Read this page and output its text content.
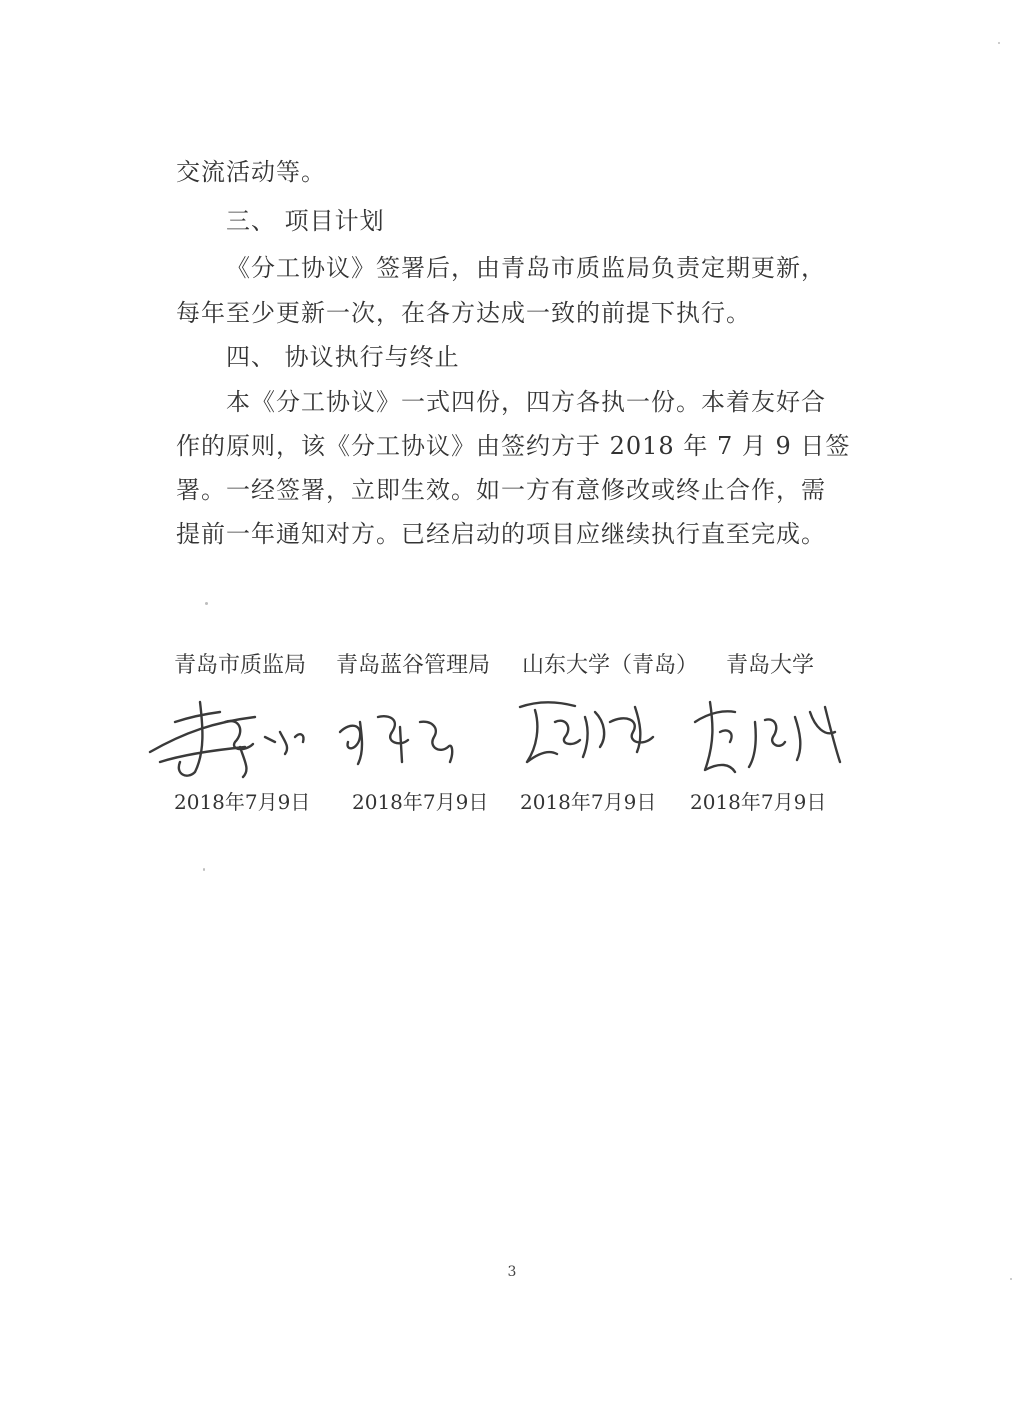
交流活动等。
三、 项目计划
《分工协议》签署后，由青岛市质监局负责定期更新，
每年至少更新一次，在各方达成一致的前提下执行。
四、 协议执行与终止
本《分工协议》一式四份，四方各执一份。本着友好合
作的原则，该《分工协议》由签约方于 2018 年 7 月 9 日签
署。一经签署，立即生效。如一方有意修改或终止合作，需
提前一年通知对方。已经启动的项目应继续执行直至完成。
青岛市质监局 青岛蓝谷管理局 山东大学（青岛） 青岛大学
2018年7月9日 2018年7月9日 2018年7月9日 2018年7月9日
3
